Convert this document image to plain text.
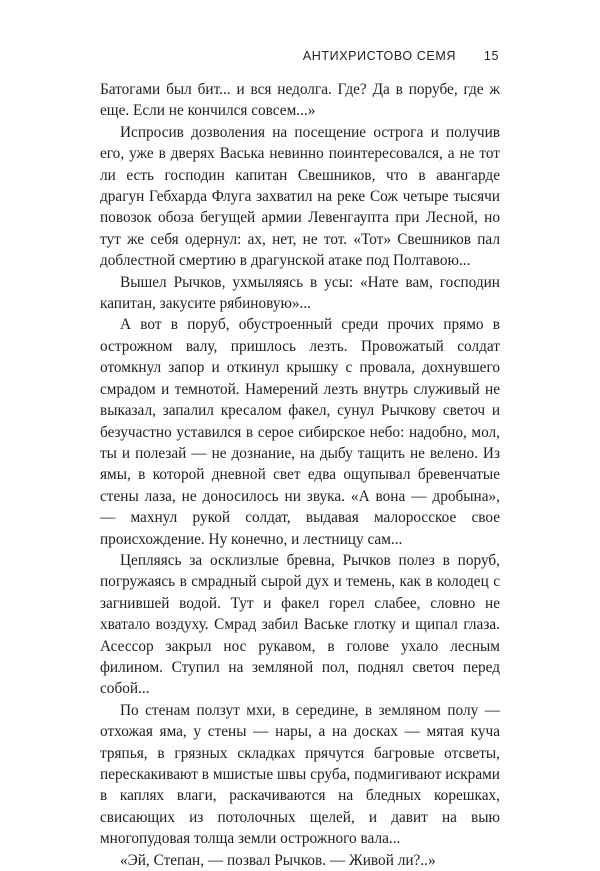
АНТИХРИСТОВО СЕМЯ 15

Батогами был бит... и вся недолга. Где? Да в порубе, где ж еще. Если не кончился совсем...»

Испросив дозволения на посещение острога и получив его, уже в дверях Васька невинно поинтересовался, а не тот ли есть господин капитан Свешников, что в авангарде драгун Гебхарда Флуга захватил на реке Сож четыре тысячи повозок обоза бегущей армии Левенгаупта при Лесной, но тут же себя одернул: ах, нет, не тот. «Тот» Свешников пал доблестной смертию в драгунской атаке под Полтавою...

Вышел Рычков, ухмыляясь в усы: «Нате вам, господин капитан, закусите рябиновую»...

А вот в поруб, обустроенный среди прочих прямо в острожном валу, пришлось лезть. Провожатый солдат отомкнул запор и откинул крышку с провала, дохнувшего смрадом и темнотой. Намерений лезть внутрь служивый не выказал, запалил кресалом факел, сунул Рычкову светоч и безучастно уставился в серое сибирское небо: надобно, мол, ты и полезай — не дознание, на дыбу тащить не велено. Из ямы, в которой дневной свет едва ощупывал бревенчатые стены лаза, не доносилось ни звука. «А вона — дробына», — махнул рукой солдат, выдавая малоросское свое происхождение. Ну конечно, и лестницу сам...

Цепляясь за осклизлые бревна, Рычков полез в поруб, погружаясь в смрадный сырой дух и темень, как в колодец с загнившей водой. Тут и факел горел слабее, словно не хватало воздуху. Смрад забил Ваське глотку и щипал глаза. Асессор закрыл нос рукавом, в голове ухало лесным филином. Ступил на земляной пол, поднял светоч перед собой...

По стенам ползут мхи, в середине, в земляном полу — отхожая яма, у стены — нары, а на досках — мятая куча тряпья, в грязных складках прячутся багровые отсветы, перескакивают в мшистые швы сруба, подмигивают искрами в каплях влаги, раскачиваются на бледных корешках, свисающих из потолочных щелей, и давит на выю многопудовая толща земли острожного вала...

«Эй, Степан, — позвал Рычков. — Живой ли?..»
